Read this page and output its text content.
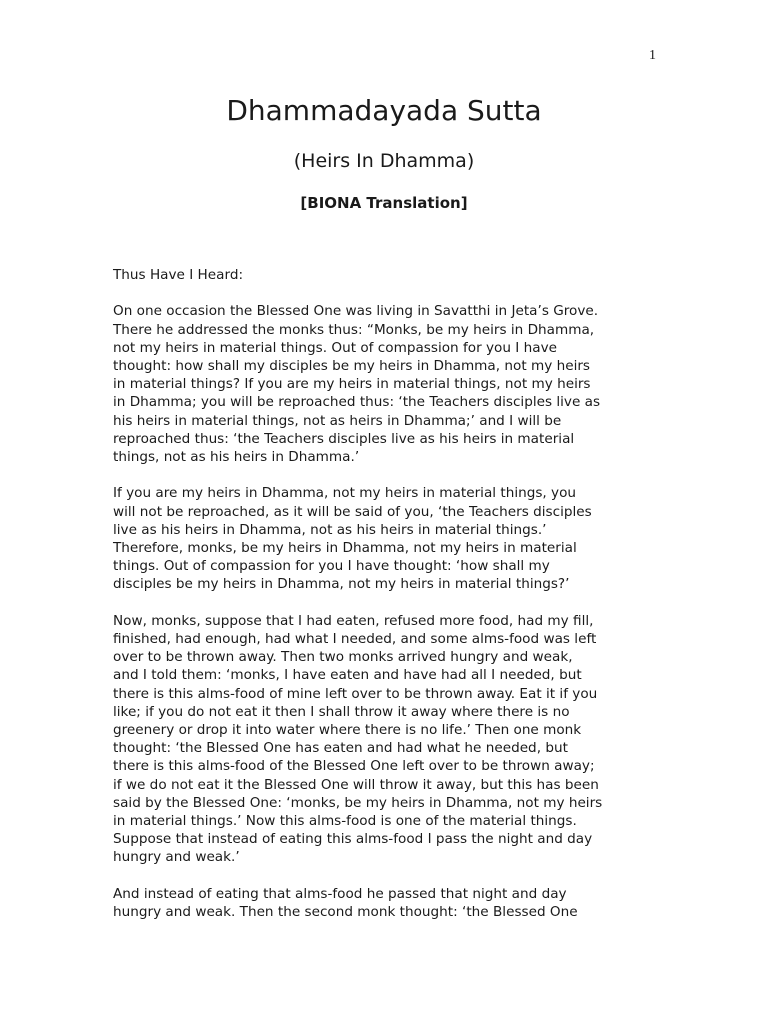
1
Dhammadayada Sutta
(Heirs In Dhamma)
[BIONA Translation]

Thus Have I Heard:

On one occasion the Blessed One was living in Savatthi in Jeta’s Grove.
There he addressed the monks thus: “Monks, be my heirs in Dhamma,
not my heirs in material things. Out of compassion for you I have
thought: how shall my disciples be my heirs in Dhamma, not my heirs
in material things? If you are my heirs in material things, not my heirs
in Dhamma; you will be reproached thus: ‘the Teachers disciples live as
his heirs in material things, not as heirs in Dhamma;’ and I will be
reproached thus: ‘the Teachers disciples live as his heirs in material
things, not as his heirs in Dhamma.’

If you are my heirs in Dhamma, not my heirs in material things, you
will not be reproached, as it will be said of you, ‘the Teachers disciples
live as his heirs in Dhamma, not as his heirs in material things.’
Therefore, monks, be my heirs in Dhamma, not my heirs in material
things. Out of compassion for you I have thought: ‘how shall my
disciples be my heirs in Dhamma, not my heirs in material things?’

Now, monks, suppose that I had eaten, refused more food, had my fill,
finished, had enough, had what I needed, and some alms-food was left
over to be thrown away. Then two monks arrived hungry and weak,
and I told them: ‘monks, I have eaten and have had all I needed, but
there is this alms-food of mine left over to be thrown away. Eat it if you
like; if you do not eat it then I shall throw it away where there is no
greenery or drop it into water where there is no life.’ Then one monk
thought: ‘the Blessed One has eaten and had what he needed, but
there is this alms-food of the Blessed One left over to be thrown away;
if we do not eat it the Blessed One will throw it away, but this has been
said by the Blessed One: ‘monks, be my heirs in Dhamma, not my heirs
in material things.’ Now this alms-food is one of the material things.
Suppose that instead of eating this alms-food I pass the night and day
hungry and weak.’

And instead of eating that alms-food he passed that night and day
hungry and weak. Then the second monk thought: ‘the Blessed One
